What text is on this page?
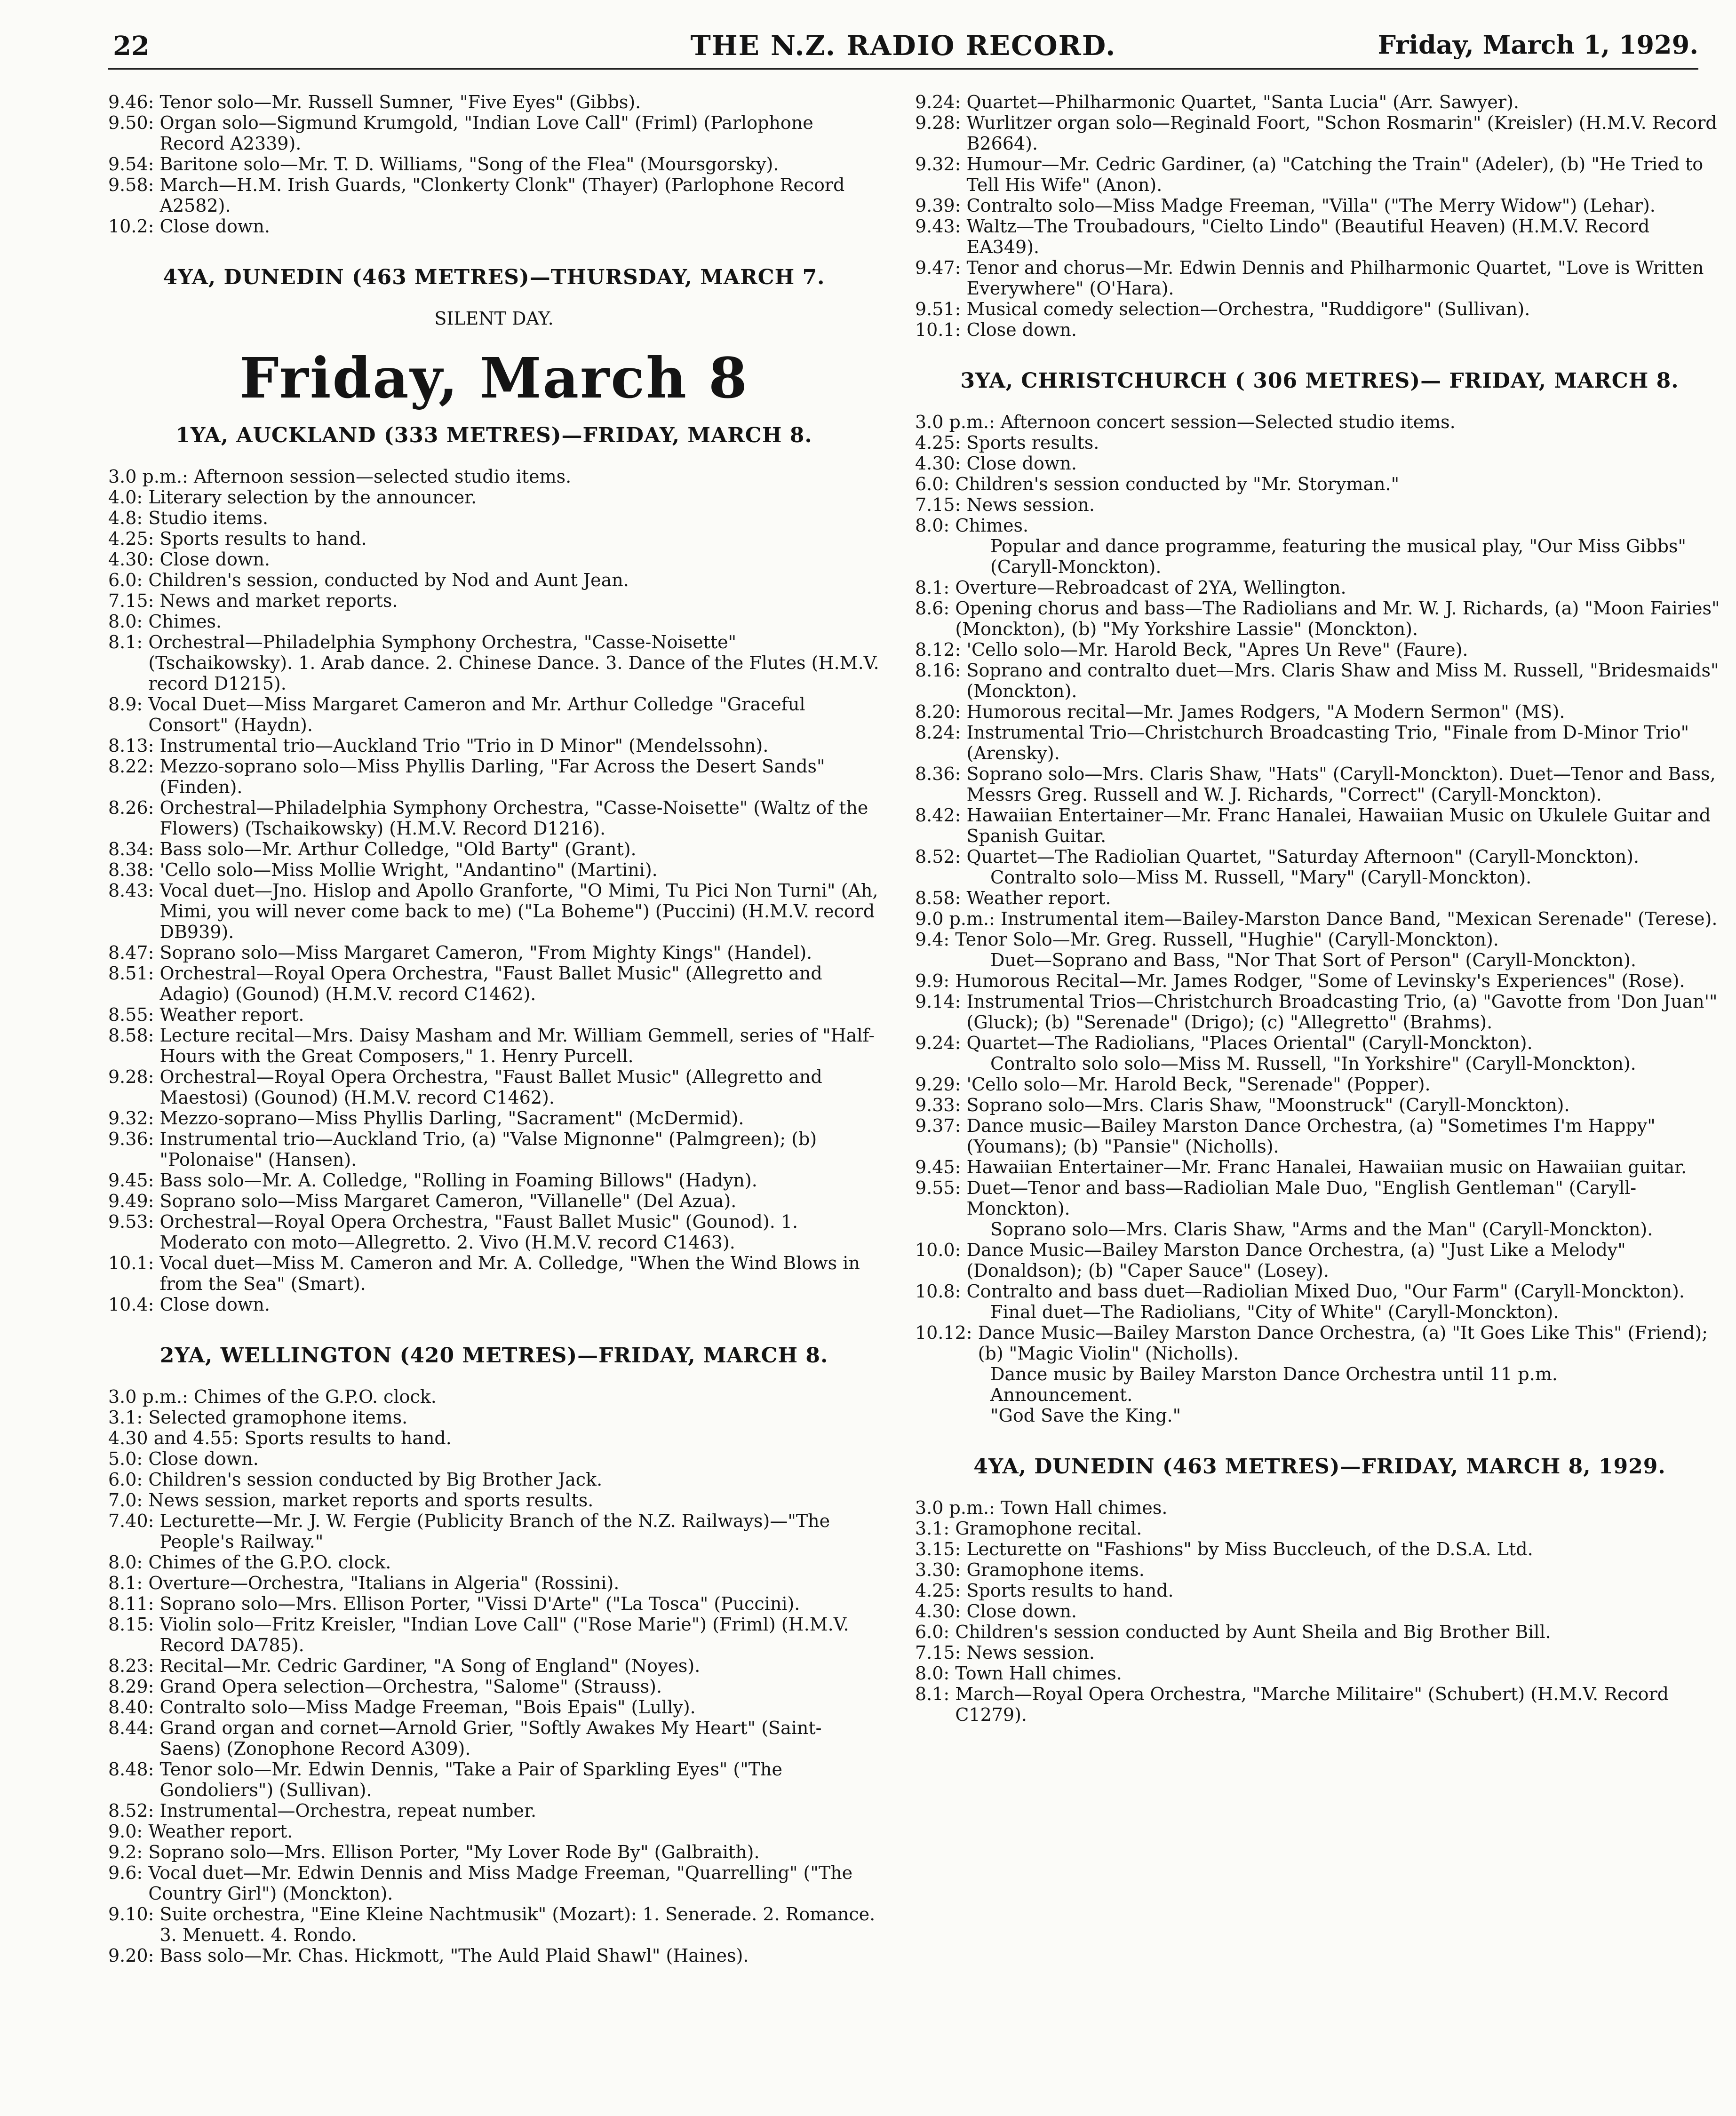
22	THE N.Z. RADIO RECORD.	Friday, March 1, 1929.
9.46: Tenor solo—Mr. Russell Sumner, "Five Eyes" (Gibbs).
9.50: Organ solo—Sigmund Krumgold, "Indian Love Call" (Friml) (Parlophone Record A2339).
9.54: Baritone solo—Mr. T. D. Williams, "Song of the Flea" (Moursgorsky).
9.58: March—H.M. Irish Guards, "Clonkerty Clonk" (Thayer) (Parlophone Record A2582).
10.2: Close down.
4YA, DUNEDIN (463 METRES)—THURSDAY, MARCH 7.
SILENT DAY.
Friday, March 8
1YA, AUCKLAND (333 METRES)—FRIDAY, MARCH 8.
3.0 p.m.: Afternoon session—selected studio items.
4.0: Literary selection by the announcer.
4.8: Studio items.
4.25: Sports results to hand.
4.30: Close down.
6.0: Children's session, conducted by Nod and Aunt Jean.
7.15: News and market reports.
8.0: Chimes.
8.1: Orchestral—Philadelphia Symphony Orchestra, "Casse-Noisette" (Tschaikowsky). 1. Arab dance. 2. Chinese Dance. 3. Dance of the Flutes (H.M.V. record D1215).
8.9: Vocal Duet—Miss Margaret Cameron and Mr. Arthur Colledge "Graceful Consort" (Haydn).
8.13: Instrumental trio—Auckland Trio "Trio in D Minor" (Mendelssohn).
8.22: Mezzo-soprano solo—Miss Phyllis Darling, "Far Across the Desert Sands" (Finden).
8.26: Orchestral—Philadelphia Symphony Orchestra, "Casse-Noisette" (Waltz of the Flowers) (Tschaikowsky) (H.M.V. Record D1216).
8.34: Bass solo—Mr. Arthur Colledge, "Old Barty" (Grant).
8.38: 'Cello solo—Miss Mollie Wright, "Andantino" (Martini).
8.43: Vocal duet—Jno. Hislop and Apollo Granforte, "O Mimi, Tu Pici Non Turni" (Ah, Mimi, you will never come back to me) ("La Boheme") (Puccini) (H.M.V. record DB939).
8.47: Soprano solo—Miss Margaret Cameron, "From Mighty Kings" (Handel).
8.51: Orchestral—Royal Opera Orchestra, "Faust Ballet Music" (Allegretto and Adagio) (Gounod) (H.M.V. record C1462).
8.55: Weather report.
8.58: Lecture recital—Mrs. Daisy Masham and Mr. William Gemmell, series of "Half-Hours with the Great Composers," 1. Henry Purcell.
9.28: Orchestral—Royal Opera Orchestra, "Faust Ballet Music" (Allegretto and Maestosi) (Gounod) (H.M.V. record C1462).
9.32: Mezzo-soprano—Miss Phyllis Darling, "Sacrament" (McDermid).
9.36: Instrumental trio—Auckland Trio, (a) "Valse Mignonne" (Palmgreen); (b) "Polonaise" (Hansen).
9.45: Bass solo—Mr. A. Colledge, "Rolling in Foaming Billows" (Hadyn).
9.49: Soprano solo—Miss Margaret Cameron, "Villanelle" (Del Azua).
9.53: Orchestral—Royal Opera Orchestra, "Faust Ballet Music" (Gounod). 1. Moderato con moto—Allegretto. 2. Vivo (H.M.V. record C1463).
10.1: Vocal duet—Miss M. Cameron and Mr. A. Colledge, "When the Wind Blows in from the Sea" (Smart).
10.4: Close down.
2YA, WELLINGTON (420 METRES)—FRIDAY, MARCH 8.
3.0 p.m.: Chimes of the G.P.O. clock.
3.1: Selected gramophone items.
4.30 and 4.55: Sports results to hand.
5.0: Close down.
6.0: Children's session conducted by Big Brother Jack.
7.0: News session, market reports and sports results.
7.40: Lecturette—Mr. J. W. Fergie (Publicity Branch of the N.Z. Railways)—"The People's Railway."
8.0: Chimes of the G.P.O. clock.
8.1: Overture—Orchestra, "Italians in Algeria" (Rossini).
8.11: Soprano solo—Mrs. Ellison Porter, "Vissi D'Arte" ("La Tosca" (Puccini).
8.15: Violin solo—Fritz Kreisler, "Indian Love Call" ("Rose Marie") (Friml) (H.M.V. Record DA785).
8.23: Recital—Mr. Cedric Gardiner, "A Song of England" (Noyes).
8.29: Grand Opera selection—Orchestra, "Salome" (Strauss).
8.40: Contralto solo—Miss Madge Freeman, "Bois Epais" (Lully).
8.44: Grand organ and cornet—Arnold Grier, "Softly Awakes My Heart" (Saint-Saens) (Zonophone Record A309).
8.48: Tenor solo—Mr. Edwin Dennis, "Take a Pair of Sparkling Eyes" ("The Gondoliers") (Sullivan).
8.52: Instrumental—Orchestra, repeat number.
9.0: Weather report.
9.2: Soprano solo—Mrs. Ellison Porter, "My Lover Rode By" (Galbraith).
9.6: Vocal duet—Mr. Edwin Dennis and Miss Madge Freeman, "Quarrelling" ("The Country Girl") (Monckton).
9.10: Suite orchestra, "Eine Kleine Nachtmusik" (Mozart): 1. Senerade. 2. Romance. 3. Menuett. 4. Rondo.
9.20: Bass solo—Mr. Chas. Hickmott, "The Auld Plaid Shawl" (Haines).
9.24: Quartet—Philharmonic Quartet, "Santa Lucia" (Arr. Sawyer).
9.28: Wurlitzer organ solo—Reginald Foort, "Schon Rosmarin" (Kreisler) (H.M.V. Record B2664).
9.32: Humour—Mr. Cedric Gardiner, (a) "Catching the Train" (Adeler), (b) "He Tried to Tell His Wife" (Anon).
9.39: Contralto solo—Miss Madge Freeman, "Villa" ("The Merry Widow") (Lehar).
9.43: Waltz—The Troubadours, "Cielto Lindo" (Beautiful Heaven) (H.M.V. Record EA349).
9.47: Tenor and chorus—Mr. Edwin Dennis and Philharmonic Quartet, "Love is Written Everywhere" (O'Hara).
9.51: Musical comedy selection—Orchestra, "Ruddigore" (Sullivan).
10.1: Close down.
3YA, CHRISTCHURCH ( 306 METRES)— FRIDAY, MARCH 8.
3.0 p.m.: Afternoon concert session—Selected studio items.
4.25: Sports results.
4.30: Close down.
6.0: Children's session conducted by "Mr. Storyman."
7.15: News session.
8.0: Chimes.
Popular and dance programme, featuring the musical play, "Our Miss Gibbs" (Caryll-Monckton).
8.1: Overture—Rebroadcast of 2YA, Wellington.
8.6: Opening chorus and bass—The Radiolians and Mr. W. J. Richards, (a) "Moon Fairies" (Monckton), (b) "My Yorkshire Lassie" (Monckton).
8.12: 'Cello solo—Mr. Harold Beck, "Apres Un Reve" (Faure).
8.16: Soprano and contralto duet—Mrs. Claris Shaw and Miss M. Russell, "Bridesmaids" (Monckton).
8.20: Humorous recital—Mr. James Rodgers, "A Modern Sermon" (MS).
8.24: Instrumental Trio—Christchurch Broadcasting Trio, "Finale from D-Minor Trio" (Arensky).
8.36: Soprano solo—Mrs. Claris Shaw, "Hats" (Caryll-Monckton). Duet—Tenor and Bass, Messrs Greg. Russell and W. J. Richards, "Correct" (Caryll-Monckton).
8.42: Hawaiian Entertainer—Mr. Franc Hanalei, Hawaiian Music on Ukulele Guitar and Spanish Guitar.
8.52: Quartet—The Radiolian Quartet, "Saturday Afternoon" (Caryll-Monckton).
Contralto solo—Miss M. Russell, "Mary" (Caryll-Monckton).
8.58: Weather report.
9.0 p.m.: Instrumental item—Bailey-Marston Dance Band, "Mexican Serenade" (Terese).
9.4: Tenor Solo—Mr. Greg. Russell, "Hughie" (Caryll-Monckton).
Duet—Soprano and Bass, "Nor That Sort of Person" (Caryll-Monckton).
9.9: Humorous Recital—Mr. James Rodger, "Some of Levinsky's Experiences" (Rose).
9.14: Instrumental Trios—Christchurch Broadcasting Trio, (a) "Gavotte from 'Don Juan'" (Gluck); (b) "Serenade" (Drigo); (c) "Allegretto" (Brahms).
9.24: Quartet—The Radiolians, "Places Oriental" (Caryll-Monckton).
Contralto solo solo—Miss M. Russell, "In Yorkshire" (Caryll-Monckton).
9.29: 'Cello solo—Mr. Harold Beck, "Serenade" (Popper).
9.33: Soprano solo—Mrs. Claris Shaw, "Moonstruck" (Caryll-Monckton).
9.37: Dance music—Bailey Marston Dance Orchestra, (a) "Sometimes I'm Happy" (Youmans); (b) "Pansie" (Nicholls).
9.45: Hawaiian Entertainer—Mr. Franc Hanalei, Hawaiian music on Hawaiian guitar.
9.55: Duet—Tenor and bass—Radiolian Male Duo, "English Gentleman" (Caryll-Monckton).
Soprano solo—Mrs. Claris Shaw, "Arms and the Man" (Caryll-Monckton).
10.0: Dance Music—Bailey Marston Dance Orchestra, (a) "Just Like a Melody" (Donaldson); (b) "Caper Sauce" (Losey).
10.8: Contralto and bass duet—Radiolian Mixed Duo, "Our Farm" (Caryll-Monckton).
Final duet—The Radiolians, "City of White" (Caryll-Monckton).
10.12: Dance Music—Bailey Marston Dance Orchestra, (a) "It Goes Like This" (Friend); (b) "Magic Violin" (Nicholls).
Dance music by Bailey Marston Dance Orchestra until 11 p.m.
Announcement.
"God Save the King."
4YA, DUNEDIN (463 METRES)—FRIDAY, MARCH 8, 1929.
3.0 p.m.: Town Hall chimes.
3.1: Gramophone recital.
3.15: Lecturette on "Fashions" by Miss Buccleuch, of the D.S.A. Ltd.
3.30: Gramophone items.
4.25: Sports results to hand.
4.30: Close down.
6.0: Children's session conducted by Aunt Sheila and Big Brother Bill.
7.15: News session.
8.0: Town Hall chimes.
8.1: March—Royal Opera Orchestra, "Marche Militaire" (Schubert) (H.M.V. Record C1279).
